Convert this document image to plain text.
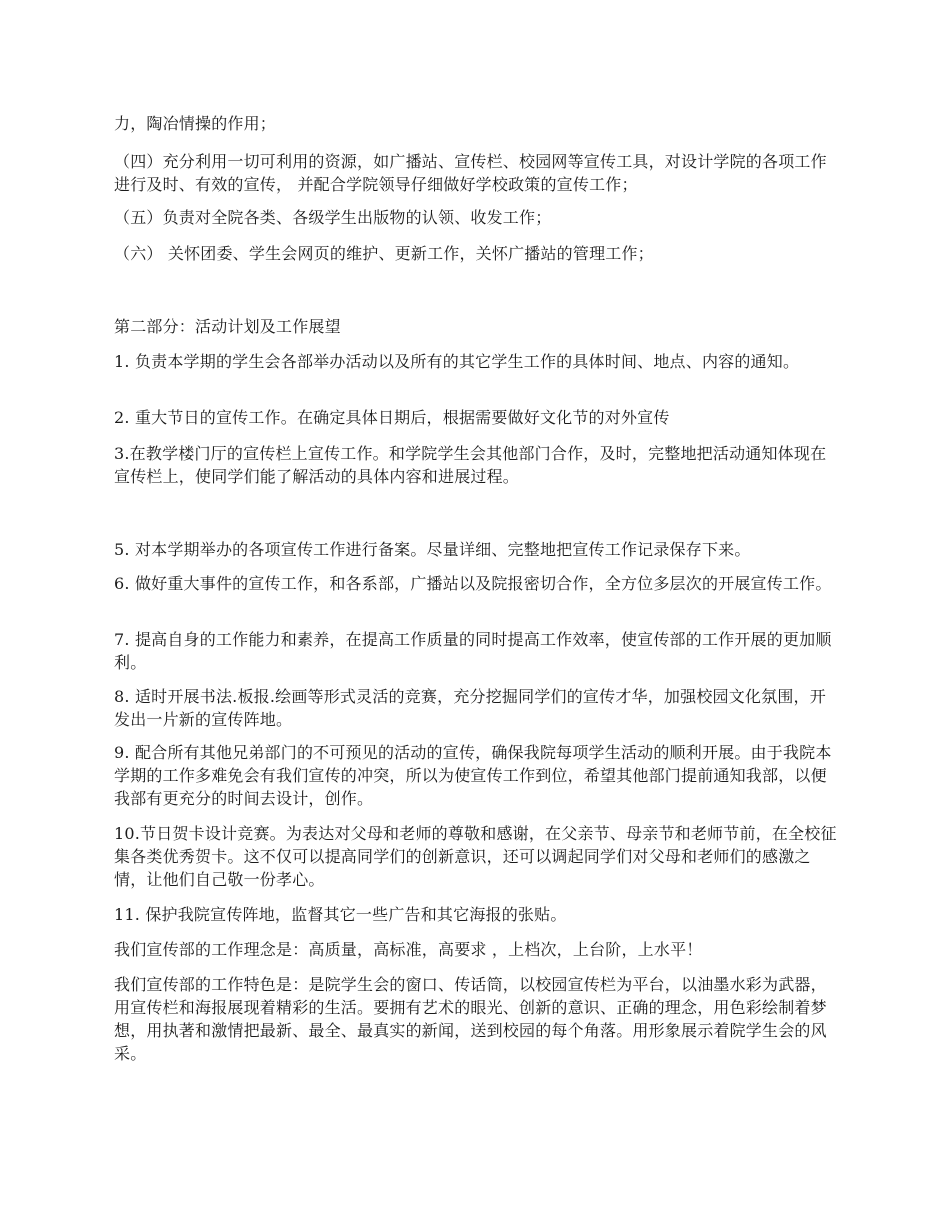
力，陶冶情操的作用；

（四）充分利用一切可利用的资源，如广播站、宣传栏、校园网等宣传工具，对设计学院的各项工作进行及时、有效的宣传， 并配合学院领导仔细做好学校政策的宣传工作；

（五）负责对全院各类、各级学生出版物的认领、收发工作；

（六） 关怀团委、学生会网页的维护、更新工作，关怀广播站的管理工作；

第二部分：活动计划及工作展望

1. 负责本学期的学生会各部举办活动以及所有的其它学生工作的具体时间、地点、内容的通知。

2. 重大节日的宣传工作。在确定具体日期后，根据需要做好文化节的对外宣传

3.在教学楼门厅的宣传栏上宣传工作。和学院学生会其他部门合作，及时，完整地把活动通知体现在宣传栏上，使同学们能了解活动的具体内容和进展过程。

5. 对本学期举办的各项宣传工作进行备案。尽量详细、完整地把宣传工作记录保存下来。

6. 做好重大事件的宣传工作，和各系部，广播站以及院报密切合作，全方位多层次的开展宣传工作。

7. 提高自身的工作能力和素养，在提高工作质量的同时提高工作效率，使宣传部的工作开展的更加顺利。

8. 适时开展书法.板报.绘画等形式灵活的竞赛，充分挖掘同学们的宣传才华，加强校园文化氛围，开发出一片新的宣传阵地。

9. 配合所有其他兄弟部门的不可预见的活动的宣传，确保我院每项学生活动的顺利开展。由于我院本学期的工作多难免会有我们宣传的冲突，所以为使宣传工作到位，希望其他部门提前通知我部，以便我部有更充分的时间去设计，创作。

10.节日贺卡设计竞赛。为表达对父母和老师的尊敬和感谢，在父亲节、母亲节和老师节前，在全校征集各类优秀贺卡。这不仅可以提高同学们的创新意识，还可以调起同学们对父母和老师们的感激之情，让他们自己敬一份孝心。

11. 保护我院宣传阵地，监督其它一些广告和其它海报的张贴。

我们宣传部的工作理念是：高质量，高标准，高要求 ，上档次，上台阶，上水平！

我们宣传部的工作特色是：是院学生会的窗口、传话筒，以校园宣传栏为平台，以油墨水彩为武器，用宣传栏和海报展现着精彩的生活。要拥有艺术的眼光、创新的意识、正确的理念，用色彩绘制着梦想，用执著和激情把最新、最全、最真实的新闻，送到校园的每个角落。用形象展示着院学生会的风采。
